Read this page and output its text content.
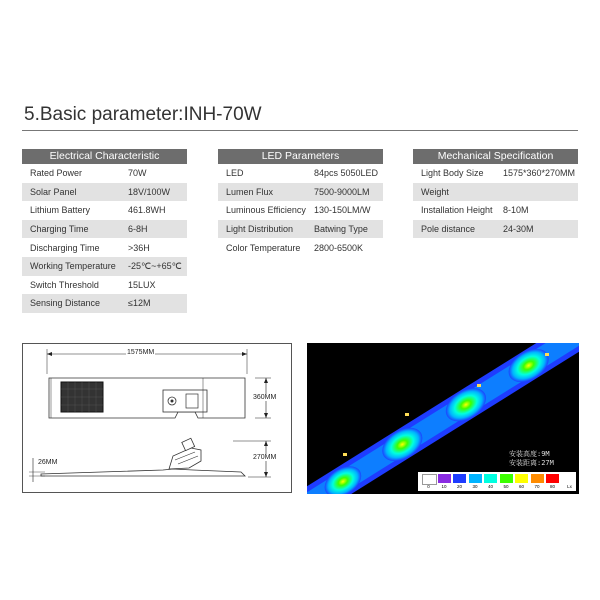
5.Basic parameter:INH-70W
Electrical Characteristic
Rated Power	70W
Solar Panel	18V/100W
Lithium Battery	461.8WH
Charging Time	6-8H
Discharging Time	>36H
Working Temperature	-25℃~+65℃
Switch Threshold	15LUX
Sensing Distance	≤12M
LED Parameters
LED	84pcs 5050LED
Lumen Flux	7500-9000LM
Luminous Efficiency 130-150LM/W
Light Distribution	Batwing Type
Color Temperature	2800-6500K
Mechanical Specification
Light Body Size	1575*360*270MM
Weight
Installation Height	8-10M
Pole distance	24-30M
1575MM
360MM
270MM
26MM
安装高度:9M
安装距离:27M
Lx
0	10	20	30	40	50	60	70	80
